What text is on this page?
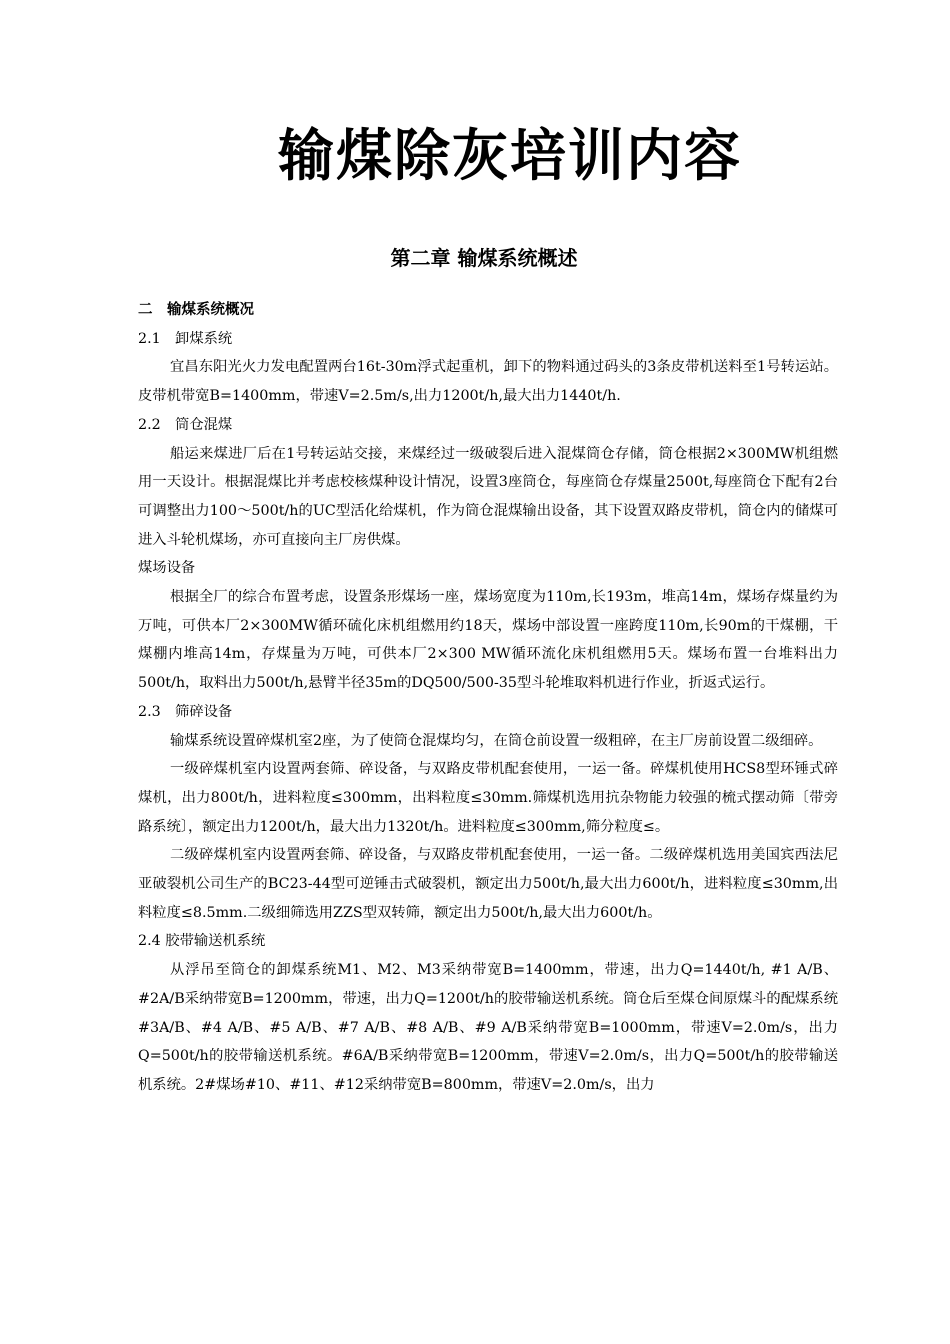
输煤除灰培训内容
第二章 输煤系统概述

二　输煤系统概况

2.1　卸煤系统

宜昌东阳光火力发电配置两台16t-30m浮式起重机，卸下的物料通过码头的3条皮带机送料至1号转运站。皮带机带宽B=1400mm，带速V=2.5m/s,出力1200t/h,最大出力1440t/h.

2.2　筒仓混煤

船运来煤进厂后在1号转运站交接，来煤经过一级破裂后进入混煤筒仓存储，筒仓根据2×300MW机组燃用一天设计。根据混煤比并考虑校核煤种设计情况，设置3座筒仓，每座筒仓存煤量2500t,每座筒仓下配有2台可调整出力100～500t/h的UC型活化给煤机，作为筒仓混煤输出设备，其下设置双路皮带机，筒仓内的储煤可进入斗轮机煤场，亦可直接向主厂房供煤。

煤场设备

根据全厂的综合布置考虑，设置条形煤场一座，煤场宽度为110m,长193m，堆高14m，煤场存煤量约为万吨，可供本厂2×300MW循环硫化床机组燃用约18天，煤场中部设置一座跨度110m,长90m的干煤棚，干煤棚内堆高14m，存煤量为万吨，可供本厂2×300 MW循环流化床机组燃用5天。煤场布置一台堆料出力500t/h，取料出力500t/h,悬臂半径35m的DQ500/500-35型斗轮堆取料机进行作业，折返式运行。

2.3　筛碎设备

输煤系统设置碎煤机室2座，为了使筒仓混煤均匀，在筒仓前设置一级粗碎，在主厂房前设置二级细碎。

一级碎煤机室内设置两套筛、碎设备，与双路皮带机配套使用，一运一备。碎煤机使用HCS8型环锤式碎煤机，出力800t/h，进料粒度≤300mm，出料粒度≤30mm.筛煤机选用抗杂物能力较强的梳式摆动筛〔带旁路系统〕，额定出力1200t/h，最大出力1320t/h。进料粒度≤300mm,筛分粒度≤。

二级碎煤机室内设置两套筛、碎设备，与双路皮带机配套使用，一运一备。二级碎煤机选用美国宾西法尼亚破裂机公司生产的BC23-44型可逆锤击式破裂机，额定出力500t/h,最大出力600t/h，进料粒度≤30mm,出料粒度≤8.5mm.二级细筛选用ZZS型双转筛，额定出力500t/h,最大出力600t/h。

2.4 胶带输送机系统

从浮吊至筒仓的卸煤系统M1、M2、M3采纳带宽B=1400mm，带速，出力Q=1440t/h, #1 A/B、#2A/B采纳带宽B=1200mm，带速，出力Q=1200t/h的胶带输送机系统。筒仓后至煤仓间原煤斗的配煤系统#3A/B、#4 A/B、#5 A/B、#7 A/B、#8 A/B、#9 A/B采纳带宽B=1000mm，带速V=2.0m/s，出力Q=500t/h的胶带输送机系统。#6A/B采纳带宽B=1200mm，带速V=2.0m/s，出力Q=500t/h的胶带输送机系统。2#煤场#10、#11、#12采纳带宽B=800mm，带速V=2.0m/s，出力
